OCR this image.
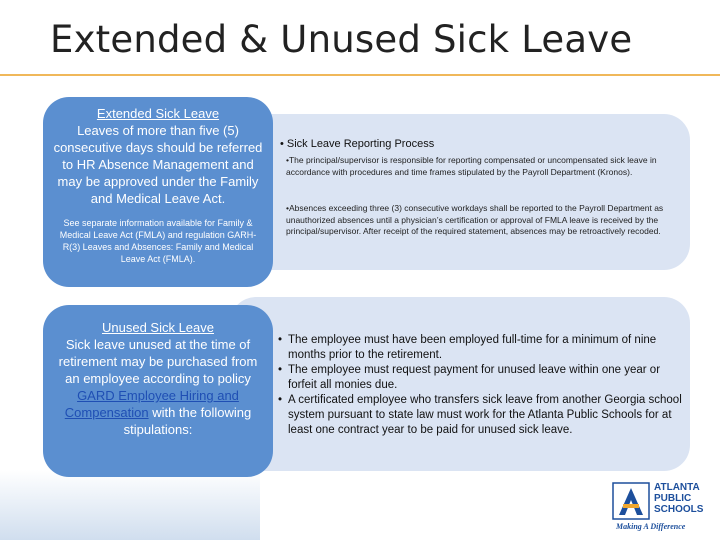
Extended & Unused Sick Leave
Extended Sick Leave
Leaves of more than five (5) consecutive days should be referred to HR Absence Management and may be approved under the Family and Medical Leave Act.
See separate information available for Family & Medical Leave Act (FMLA) and regulation GARH-R(3) Leaves and Absences: Family and Medical Leave Act (FMLA).
• Sick Leave Reporting Process
•The principal/supervisor is responsible for reporting compensated or uncompensated sick leave in accordance with procedures and time frames stipulated by the Payroll Department (Kronos).
•Absences exceeding three (3) consecutive workdays shall be reported to the Payroll Department as unauthorized absences until a physician’s certification or approval of FMLA leave is received by the principal/supervisor. After receipt of the required statement, absences may be retroactively recoded.
Unused Sick Leave
Sick leave unused at the time of retirement may be purchased from an employee according to policy GARD Employee Hiring and Compensation with the following stipulations:
• The employee must have been employed full-time for a minimum of nine months prior to the retirement.
• The employee must request payment for unused leave within one year or forfeit all monies due.
• A certificated employee who transfers sick leave from another Georgia school system pursuant to state law must work for the Atlanta Public Schools for at least one contract year to be paid for unused sick leave.
ATLANTA
PUBLIC
SCHOOLS
Making A Difference
